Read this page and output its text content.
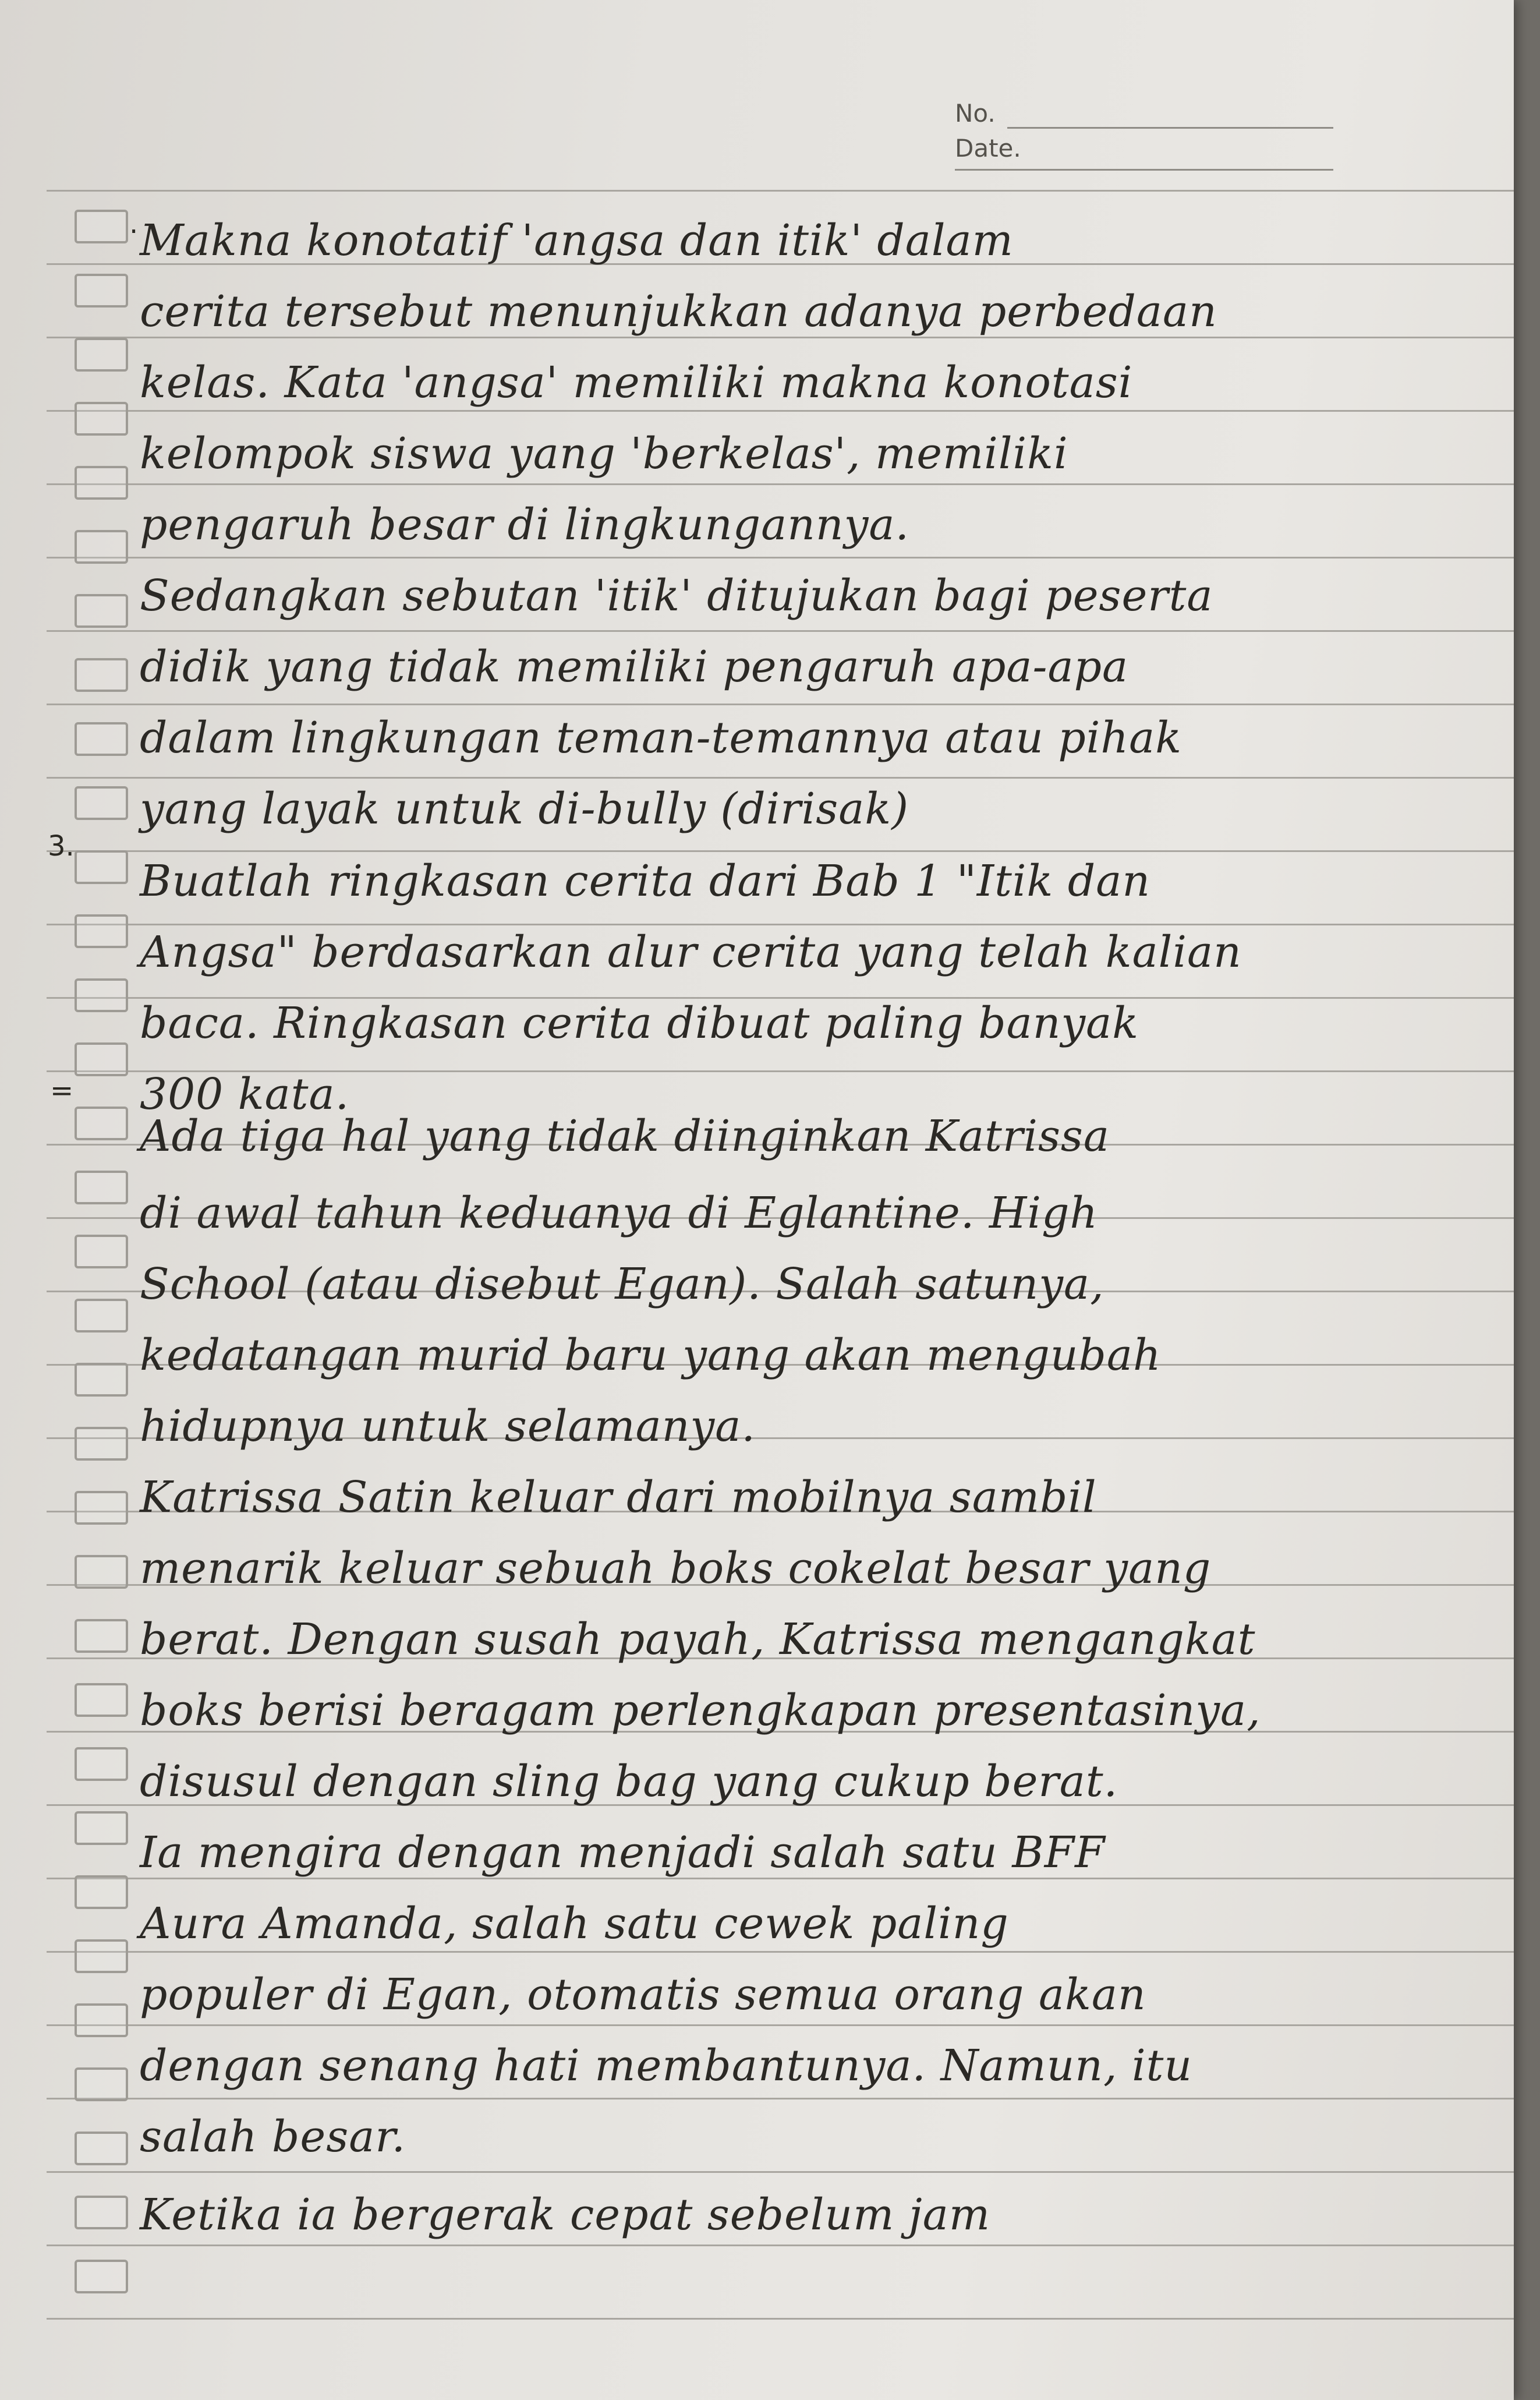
No.
Date.
·
3.
=
Makna konotatif 'angsa dan itik' dalam
cerita tersebut menunjukkan adanya perbedaan
kelas. Kata 'angsa' memiliki makna konotasi
kelompok siswa yang 'berkelas', memiliki
pengaruh besar di lingkungannya.
Sedangkan sebutan 'itik' ditujukan bagi peserta
didik yang tidak memiliki pengaruh apa-apa
dalam lingkungan teman-temannya atau pihak
yang layak untuk di-bully (dirisak)
Buatlah ringkasan cerita dari Bab 1 "Itik dan
Angsa" berdasarkan alur cerita yang telah kalian
baca. Ringkasan cerita dibuat paling banyak
300 kata.
Ada tiga hal yang tidak diinginkan Katrissa
di awal tahun keduanya di Eglantine. High
School (atau disebut Egan). Salah satunya,
kedatangan murid baru yang akan mengubah
hidupnya untuk selamanya.
Katrissa Satin keluar dari mobilnya sambil
menarik keluar sebuah boks cokelat besar yang
berat. Dengan susah payah, Katrissa mengangkat
boks berisi beragam perlengkapan presentasinya,
disusul dengan sling bag yang cukup berat.
Ia mengira dengan menjadi salah satu BFF
Aura Amanda, salah satu cewek paling
populer di Egan, otomatis semua orang akan
dengan senang hati membantunya. Namun, itu
salah besar.
Ketika ia bergerak cepat sebelum jam
